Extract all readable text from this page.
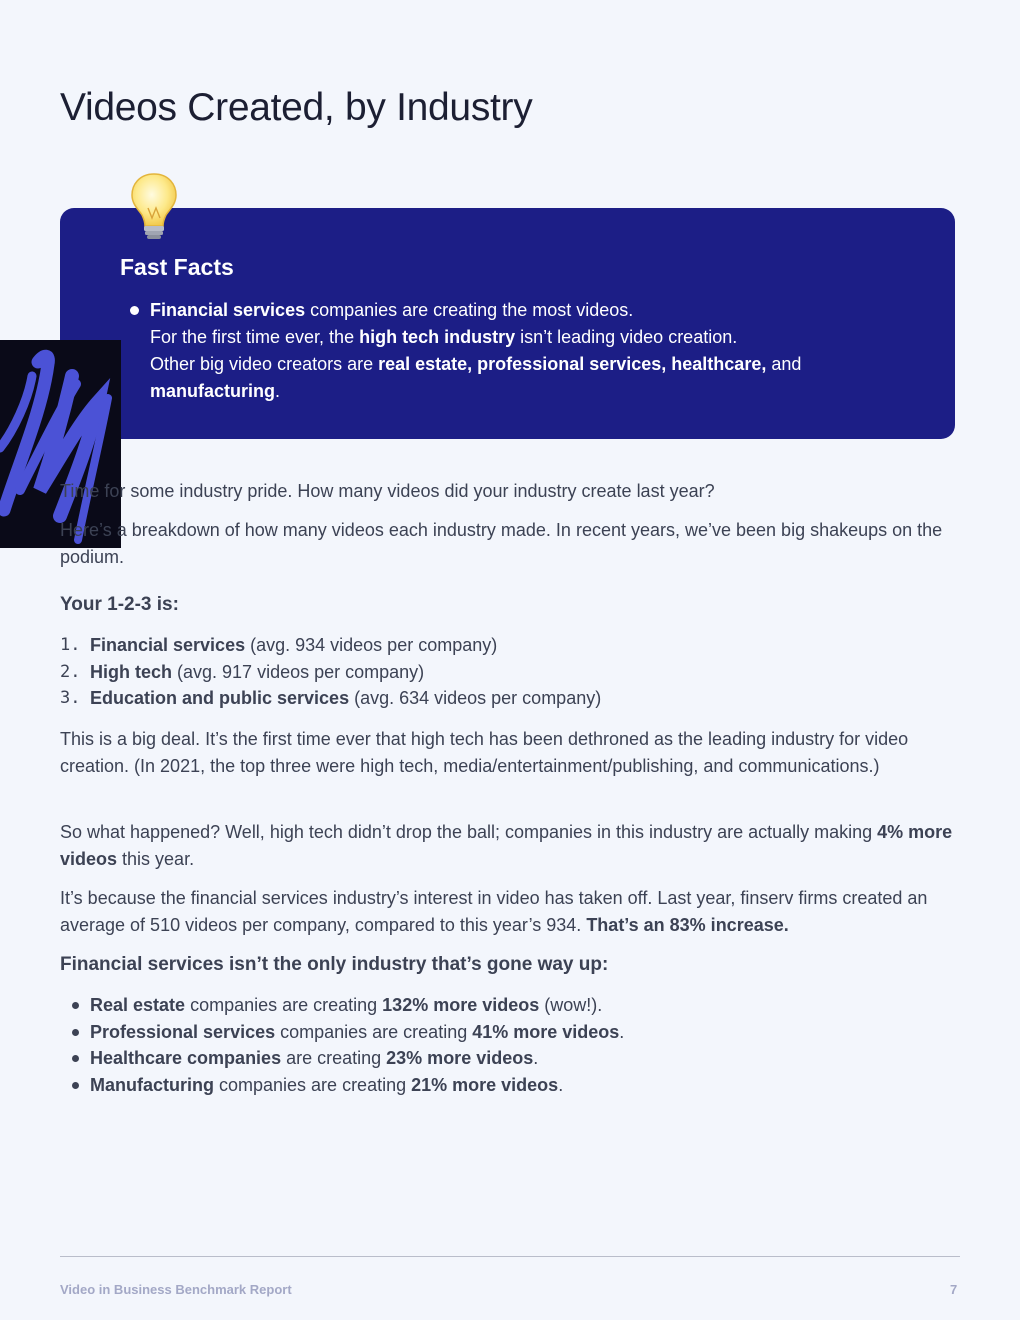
Videos Created, by Industry
Fast Facts

Financial services companies are creating the most videos.
For the first time ever, the high tech industry isn’t leading video creation.
Other big video creators are real estate, professional services, healthcare, and
manufacturing.

Time for some industry pride. How many videos did your industry create last year?

Here’s a breakdown of how many videos each industry made. In recent years, we’ve been big shakeups on the podium.

Your 1-2-3 is:
1. Financial services (avg. 934 videos per company)
2. High tech (avg. 917 videos per company)
3. Education and public services (avg. 634 videos per company)

This is a big deal. It’s the first time ever that high tech has been dethroned as the leading industry for video creation. (In 2021, the top three were high tech, media/entertainment/publishing, and communications.)

So what happened? Well, high tech didn’t drop the ball; companies in this industry are actually making 4% more videos this year.

It’s because the financial services industry’s interest in video has taken off. Last year, finserv firms created an average of 510 videos per company, compared to this year’s 934. That’s an 83% increase.

Financial services isn’t the only industry that’s gone way up:
Real estate companies are creating 132% more videos (wow!).
Professional services companies are creating 41% more videos.
Healthcare companies are creating 23% more videos.
Manufacturing companies are creating 21% more videos.
Video in Business Benchmark Report	7
